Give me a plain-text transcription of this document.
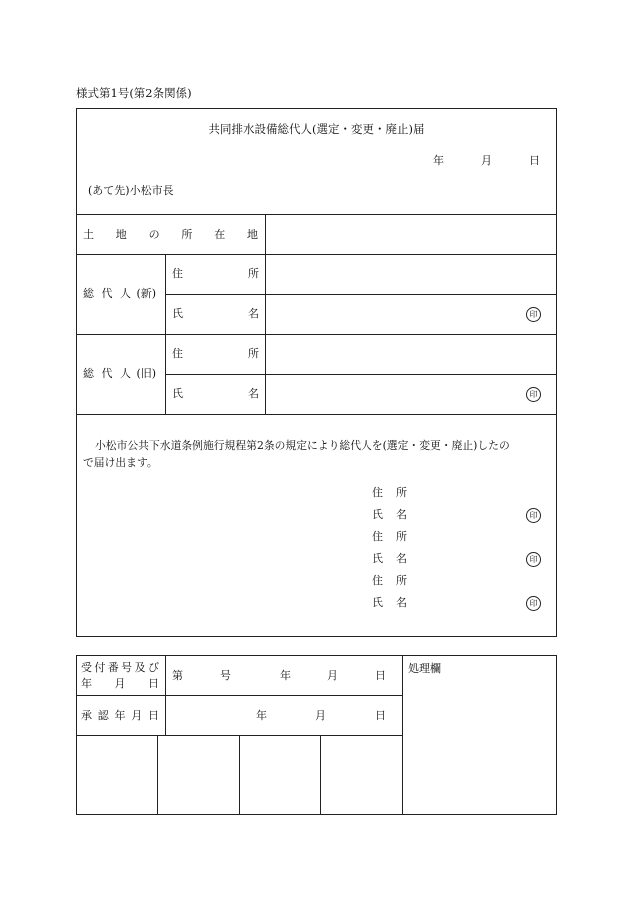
様式第1号(第2条関係)
共同排水設備総代人(選定・変更・廃止)届
年	月	日
(あて先)小松市長
土 地 の 所 在 地
総 代 人 (新)
住	所
氏	名	印
総 代 人 (旧)
住	所
氏	名	印
小松市公共下水道条例施行規程第2条の規定により総代人を(選定・変更・廃止)したの
で届け出ます。
住 所
氏 名	印
住 所
氏 名	印
住 所
氏 名	印
受 付 番 号 及 び
年 月 日
第	号	年	月	日
承 認 年 月 日	年	月	日
処理欄
